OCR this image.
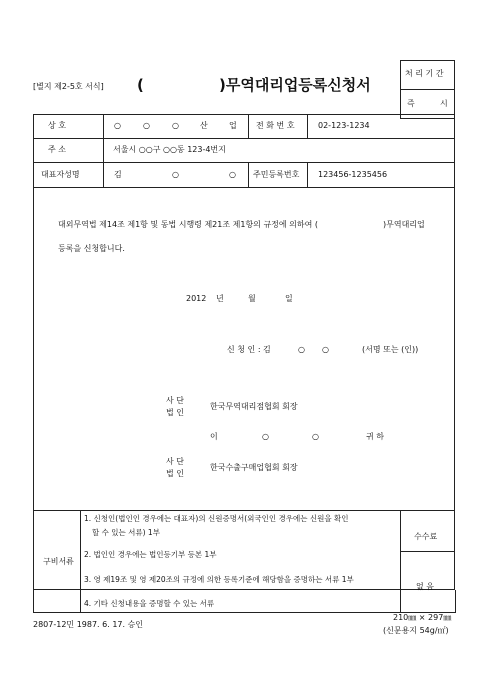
[별지 제2-5호 서식] (	)무역대리업등록신청서
처 리 기 간
즉	시
상 호	○	○	○	산	업 전 화 번 호	02-123-1234
주 소	서울시 ○○구 ○○동 123-4번지
대표자성명	김	○	○ 주민등록번호 123456-1235456
대외무역법 제14조 제1항 및 동법 시행령 제21조 제1항의 규정에 의하여 (	)무역대리업
등록을 신청합니다.
2012 년	월	일
신 청 인 : 김	○ ○	(서명 또는 (인))
사 단
법 인
한국무역대리점협회 회장
이	○	○	귀 하
사 단
법 인
한국수출구매업협회 회장
구비서류
1. 신청인(법인인 경우에는 대표자)의 신원증명서(외국인인 경우에는 신원을 확인
할 수 있는 서류) 1부
2. 법인인 경우에는 법인등기부 등본 1부
3. 영 제19조 및 영 제20조의 규정에 의한 등록기준에 해당함을 증명하는 서류 1부
4. 기타 신청내용을 증명할 수 있는 서류
수수료
없 음
2807-12민 1987. 6. 17. 승인
210㎜ × 297㎜
(신문용지 54g/㎡)
